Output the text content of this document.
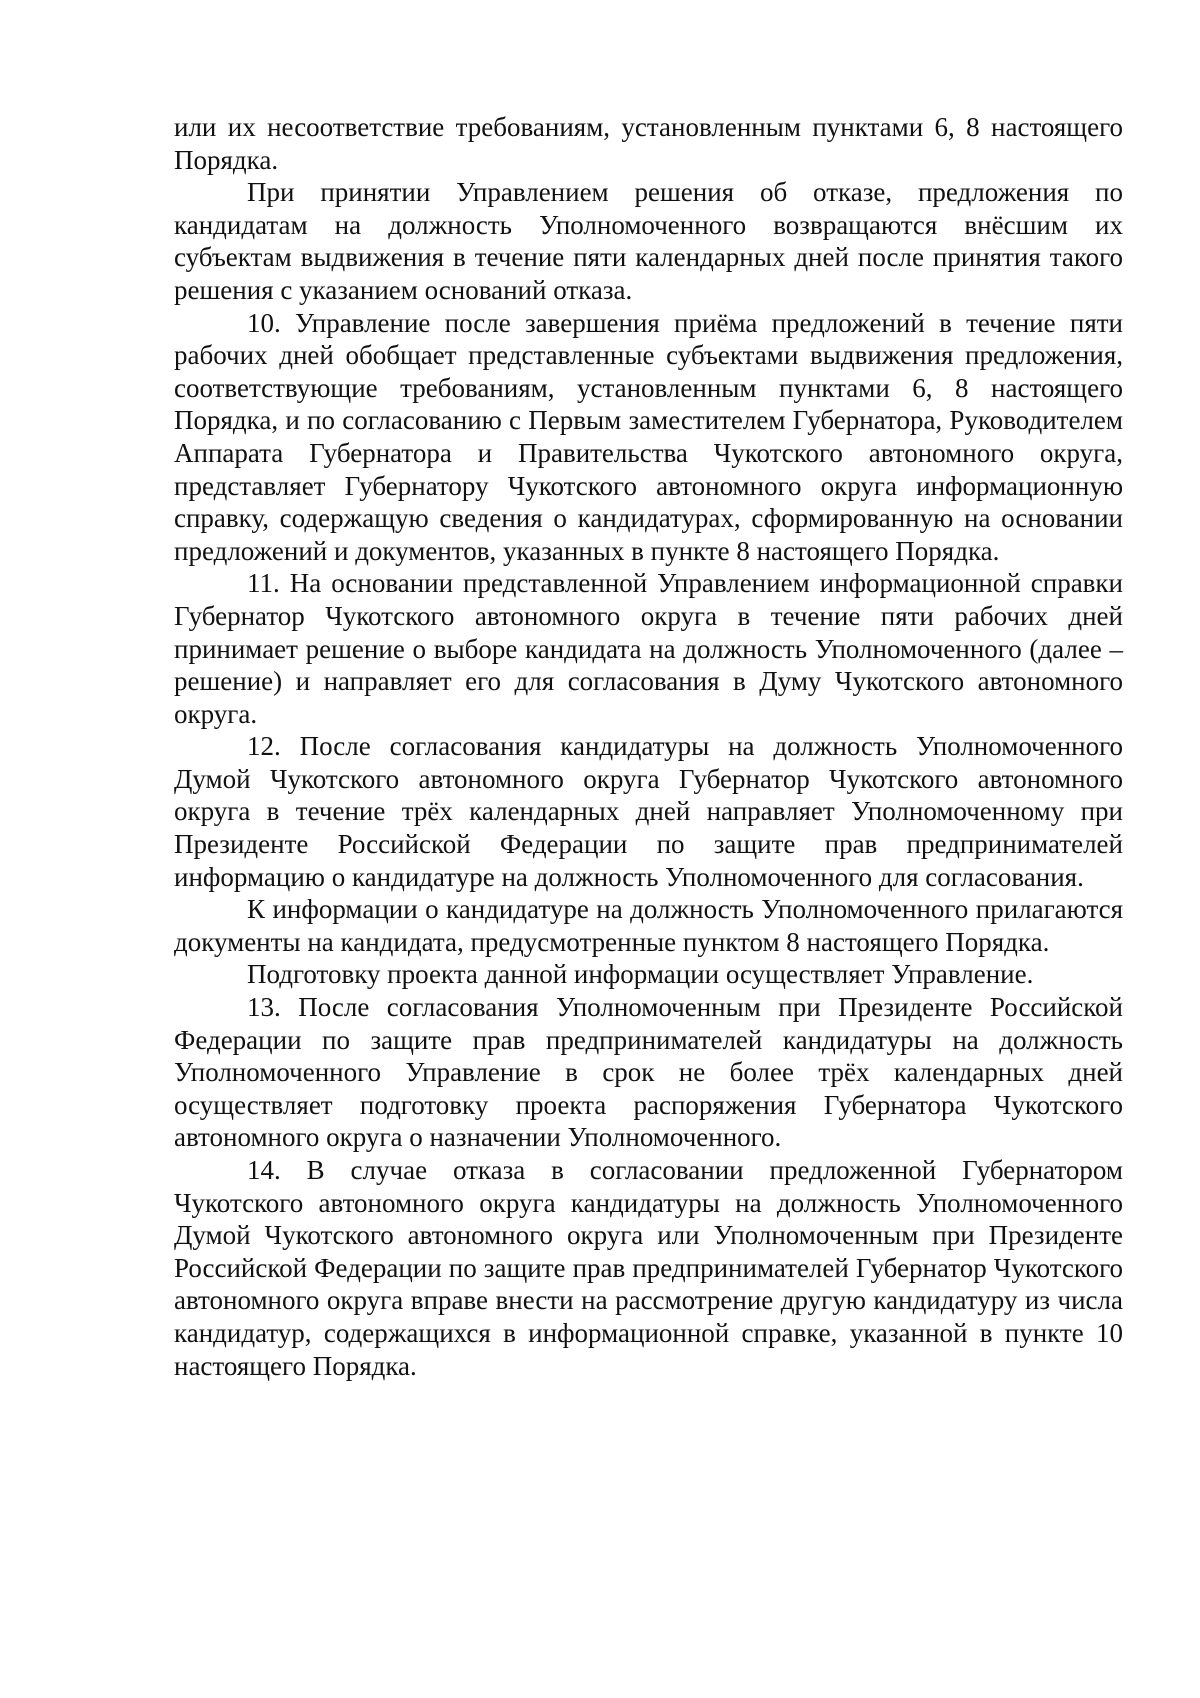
или их несоответствие требованиям, установленным пунктами 6, 8 настоящего Порядка.

При принятии Управлением решения об отказе, предложения по кандидатам на должность Уполномоченного возвращаются внёсшим их субъектам выдвижения в течение пяти календарных дней после принятия такого решения с указанием оснований отказа.

10. Управление после завершения приёма предложений в течение пяти рабочих дней обобщает представленные субъектами выдвижения предложения, соответствующие требованиям, установленным пунктами 6, 8 настоящего Порядка, и по согласованию с Первым заместителем Губернатора, Руководителем Аппарата Губернатора и Правительства Чукотского автономного округа, представляет Губернатору Чукотского автономного округа информационную справку, содержащую сведения о кандидатурах, сформированную на основании предложений и документов, указанных в пункте 8 настоящего Порядка.

11. На основании представленной Управлением информационной справки Губернатор Чукотского автономного округа в течение пяти рабочих дней принимает решение о выборе кандидата на должность Уполномоченного (далее – решение) и направляет его для согласования в Думу Чукотского автономного округа.

12. После согласования кандидатуры на должность Уполномоченного Думой Чукотского автономного округа Губернатор Чукотского автономного округа в течение трёх календарных дней направляет Уполномоченному при Президенте Российской Федерации по защите прав предпринимателей информацию о кандидатуре на должность Уполномоченного для согласования.

К информации о кандидатуре на должность Уполномоченного прилагаются документы на кандидата, предусмотренные пунктом 8 настоящего Порядка.

Подготовку проекта данной информации осуществляет Управление.

13. После согласования Уполномоченным при Президенте Российской Федерации по защите прав предпринимателей кандидатуры на должность Уполномоченного Управление в срок не более трёх календарных дней осуществляет подготовку проекта распоряжения Губернатора Чукотского автономного округа о назначении Уполномоченного.

14. В случае отказа в согласовании предложенной Губернатором Чукотского автономного округа кандидатуры на должность Уполномоченного Думой Чукотского автономного округа или Уполномоченным при Президенте Российской Федерации по защите прав предпринимателей Губернатор Чукотского автономного округа вправе внести на рассмотрение другую кандидатуру из числа кандидатур, содержащихся в информационной справке, указанной в пункте 10 настоящего Порядка.
